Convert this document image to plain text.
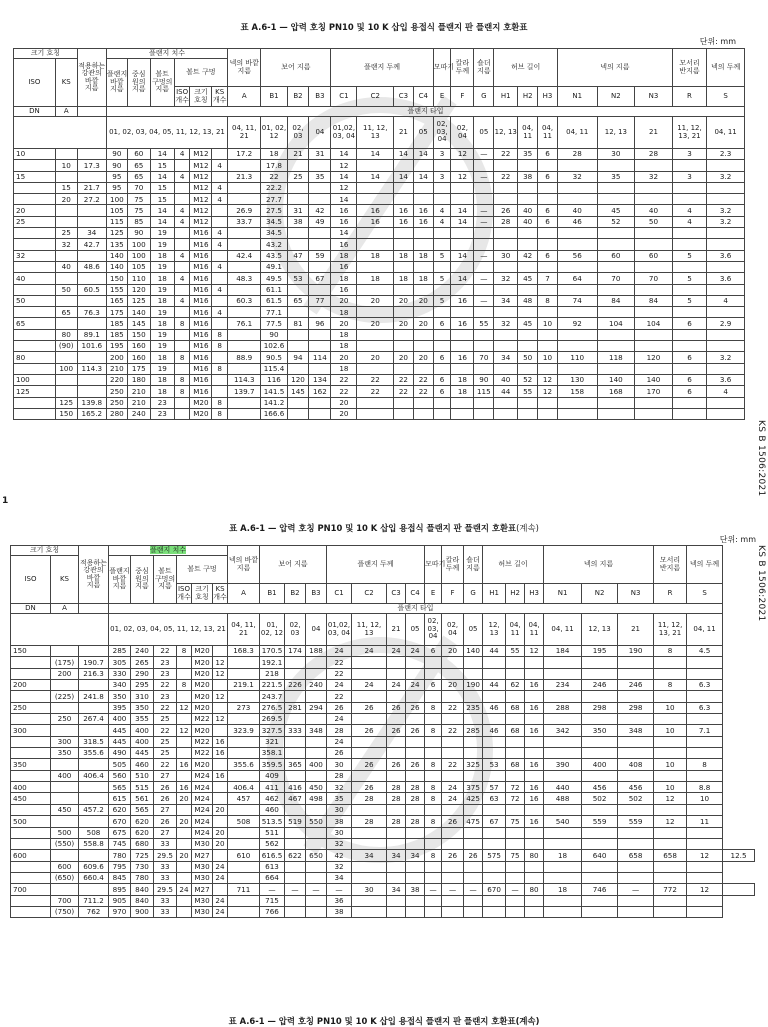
KS B 1506:2021
KS B 1506:2021
1
표 A.6-1 — 압력 호칭 PN10 및 10 K 삽입 용접식 플랜지 판 플랜지 호환표
단위: mm
크기 호칭		적용하는 강관의 바깥 지름	플랜지 치수						넥의 바깥 지름	보어 지름			플랜지 두께				모따기	칼라 두께	숄더 지름	허브 길이			넥의 지름			모서리 반지름	넥의 두께
ISO	KS		플랜지 바깥 지름	중심 원의 지름	볼트 구멍의 지름	볼트 구멍																					
						ISO 개수	크기 호칭	KS 개수	A	B1	B2	B3	C1	C2	C3	C4	E	F	G	H1	H2	H3	N1	N2	N3	R	S
DN	A		플랜지 타입																								
			01, 02, 03, 04, 05, 11, 12, 13, 21						04, 11, 21	01, 02, 12	02, 03	04	01,02, 03, 04	11, 12, 13	21	05	02, 03, 04	02, 04	05	12, 13	04, 11	04, 11	04, 11	12, 13	21	11, 12, 13, 21	04, 11
10			90	60	14	4	M12		17.2	18	21	31	14	14	14	14	3	12	—	22	35	6	28	30	28	3	2.3
	10	17.3	90	65	15		M12	4		17.8			12														
15			95	65	14	4	M12		21.3	22	25	35	14	14	14	14	3	12	—	22	38	6	32	35	32	3	3.2
	15	21.7	95	70	15		M12	4		22.2			12														
	20	27.2	100	75	15		M12	4		27.7			14														
20			105	75	14	4	M12		26.9	27.5	31	42	16	16	16	16	4	14	—	26	40	6	40	45	40	4	3.2
25			115	85	14	4	M12		33.7	34.5	38	49	16	16	16	16	4	14	—	28	40	6	46	52	50	4	3.2
	25	34	125	90	19		M16	4		34.5			14														
	32	42.7	135	100	19		M16	4		43.2			16														
32			140	100	18	4	M16		42.4	43.5	47	59	18	18	18	18	5	14	—	30	42	6	56	60	60	5	3.6
	40	48.6	140	105	19		M16	4		49.1			16														
40			150	110	18	4	M16		48.3	49.5	53	67	18	18	18	18	5	14	—	32	45	7	64	70	70	5	3.6
	50	60.5	155	120	19		M16	4		61.1			16														
50			165	125	18	4	M16		60.3	61.5	65	77	20	20	20	20	5	16	—	34	48	8	74	84	84	5	4
	65	76.3	175	140	19		M16	4		77.1			18														
65			185	145	18	8	M16		76.1	77.5	81	96	20	20	20	20	6	16	55	32	45	10	92	104	104	6	2.9
	80	89.1	185	150	19		M16	8		90			18														
	(90)	101.6	195	160	19		M16	8		102.6			18														
80			200	160	18	8	M16		88.9	90.5	94	114	20	20	20	20	6	16	70	34	50	10	110	118	120	6	3.2
	100	114.3	210	175	19		M16	8		115.4			18														
100			220	180	18	8	M16		114.3	116	120	134	22	22	22	22	6	18	90	40	52	12	130	140	140	6	3.6
125			250	210	18	8	M16		139.7	141.5	145	162	22	22	22	22	6	18	115	44	55	12	158	168	170	6	4
	125	139.8	250	210	23		M20	8		141.2			20														
	150	165.2	280	240	23		M20	8		166.6			20														
표 A.6-1 — 압력 호칭 PN10 및 10 K 삽입 용접식 플랜지 판 플랜지 호환표(계속)
단위: mm
크기 호칭		적용하는 강관의 바깥 지름	플랜지 치수						넥의 바깥 지름	보어 지름			플랜지 두께				모따기	칼라 두께	숄더 지름	허브 길이			넥의 지름			모서리 반지름	넥의 두께	
ISO	KS		플랜지 바깥 지름	중심 원의 지름	볼트 구멍의 지름	볼트 구멍																						
						ISO 개수	크기 호칭	KS 개수	A	B1	B2	B3	C1	C2	C3	C4	E	F	G	H1	H2	H3	N1	N2	N3	R	S	
DN	A		플랜지 타입																									
			01, 02, 03, 04, 05, 11, 12, 13, 21						04, 11, 21	01, 02, 12	02, 03	04	01,02, 03, 04	11, 12, 13	21	05	02, 03, 04	02, 04	05	12, 13	04, 11	04, 11	04, 11	12, 13	21	11, 12, 13, 21	04, 11	
150			285	240	22	8	M20		168.3	170.5	174	188	24	24	24	24	6	20	140	44	55	12	184	195	190	8	4.5	
	(175)	190.7	305	265	23		M20	12		192.1			22															
	200	216.3	330	290	23		M20	12		218			22															
200			340	295	22	8	M20		219.1	221.5	226	240	24	24	24	24	6	20	190	44	62	16	234	246	246	8	6.3	
	(225)	241.8	350	310	23		M20	12		243.7			22															
250			395	350	22	12	M20		273	276.5	281	294	26	26	26	26	8	22	235	46	68	16	288	298	298	10	6.3	
	250	267.4	400	355	25		M22	12		269.5			24															
300			445	400	22	12	M20		323.9	327.5	333	348	28	26	26	26	8	22	285	46	68	16	342	350	348	10	7.1	
	300	318.5	445	400	25		M22	16		321			24															
	350	355.6	490	445	25		M22	16		358.1			26															
350			505	460	22	16	M20		355.6	359.5	365	400	30	26	26	26	8	22	325	53	68	16	390	400	408	10	8	
	400	406.4	560	510	27		M24	16		409			28															
400			565	515	26	16	M24		406.4	411	416	450	32	26	28	28	8	24	375	57	72	16	440	456	456	10	8.8	
450			615	561	26	20	M24		457	462	467	498	35	28	28	28	8	24	425	63	72	16	488	502	502	12	10	
	450	457.2	620	565	27		M24	20		460			30															
500			670	620	26	20	M24		508	513.5	519	550	38	28	28	28	8	26	475	67	75	16	540	559	559	12	11	
	500	508	675	620	27		M24	20		511			30															
	(550)	558.8	745	680	33		M30	20		562			32															
600			780	725	29.5	20	M27		610	616.5	622	650	42	34	34	34	8	26	26	575	75	80	18	640	658	658	12	12.5
	600	609.6	795	730	33		M30	24		613			32															
	(650)	660.4	845	780	33		M30	24		664			34															
700			895	840	29.5	24	M27		711	—	—	—	—	30	34	38	—	—	—	670	—	80	18	746	—	772	12	
	700	711.2	905	840	33		M30	24		715			36															
	(750)	762	970	900	33		M30	24		766			38															
표 A.6-1 — 압력 호칭 PN10 및 10 K 삽입 용접식 플랜지 판 플랜지 호환표(계속)
